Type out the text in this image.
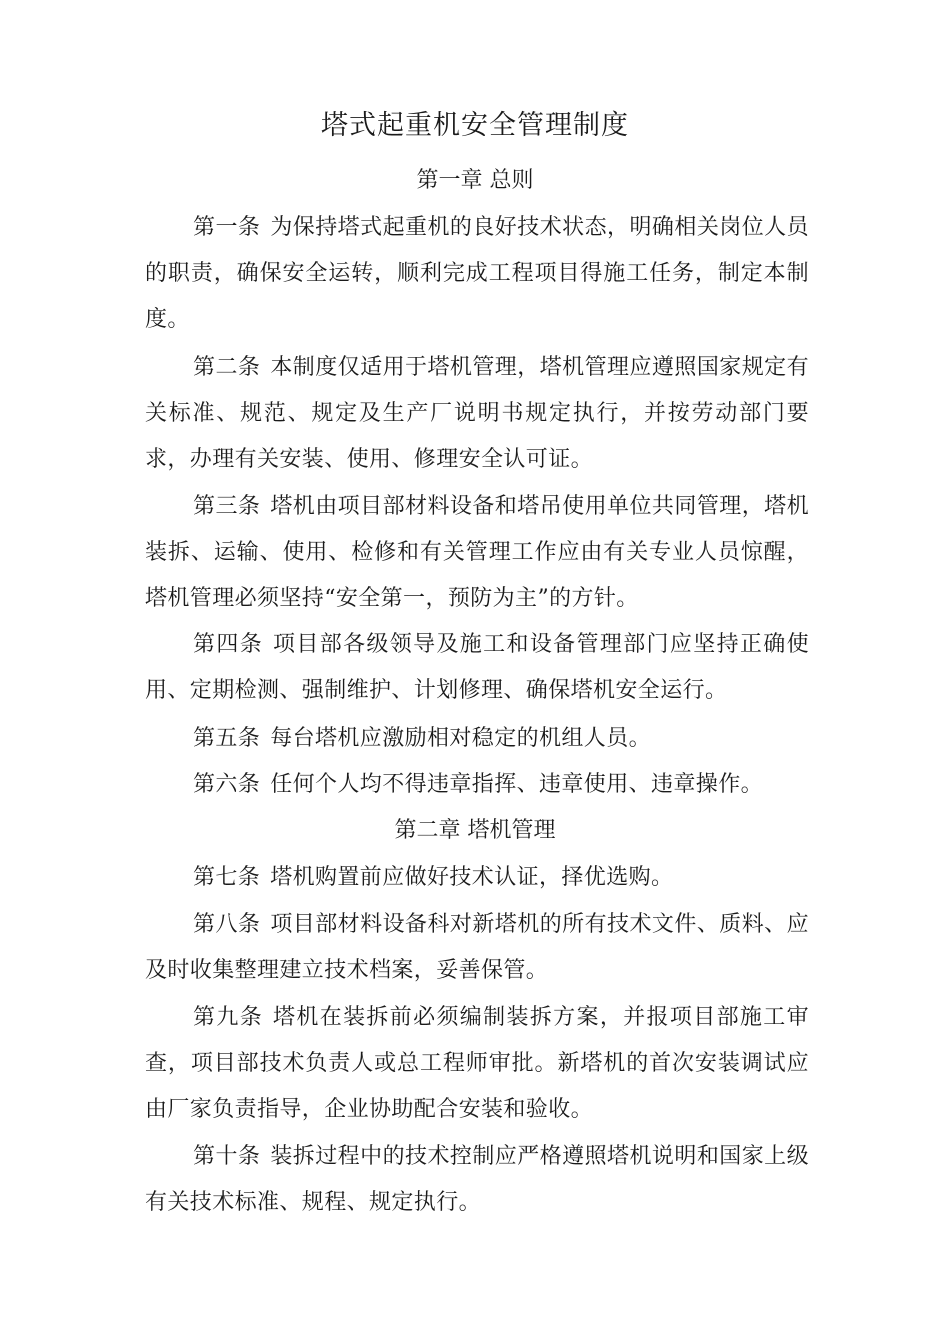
塔式起重机安全管理制度
第一章 总则

第一条 为保持塔式起重机的良好技术状态，明确相关岗位人员的职责，确保安全运转，顺利完成工程项目得施工任务，制定本制度。

第二条 本制度仅适用于塔机管理，塔机管理应遵照国家规定有关标准、规范、规定及生产厂说明书规定执行，并按劳动部门要求，办理有关安装、使用、修理安全认可证。

第三条 塔机由项目部材料设备和塔吊使用单位共同管理，塔机装拆、运输、使用、检修和有关管理工作应由有关专业人员惊醒，塔机管理必须坚持“安全第一，预防为主”的方针。

第四条 项目部各级领导及施工和设备管理部门应坚持正确使用、定期检测、强制维护、计划修理、确保塔机安全运行。

第五条 每台塔机应激励相对稳定的机组人员。

第六条 任何个人均不得违章指挥、违章使用、违章操作。

第二章 塔机管理

第七条 塔机购置前应做好技术认证，择优选购。

第八条 项目部材料设备科对新塔机的所有技术文件、质料、应及时收集整理建立技术档案，妥善保管。

第九条 塔机在装拆前必须编制装拆方案，并报项目部施工审查，项目部技术负责人或总工程师审批。新塔机的首次安装调试应由厂家负责指导，企业协助配合安装和验收。

第十条 装拆过程中的技术控制应严格遵照塔机说明和国家上级有关技术标准、规程、规定执行。
